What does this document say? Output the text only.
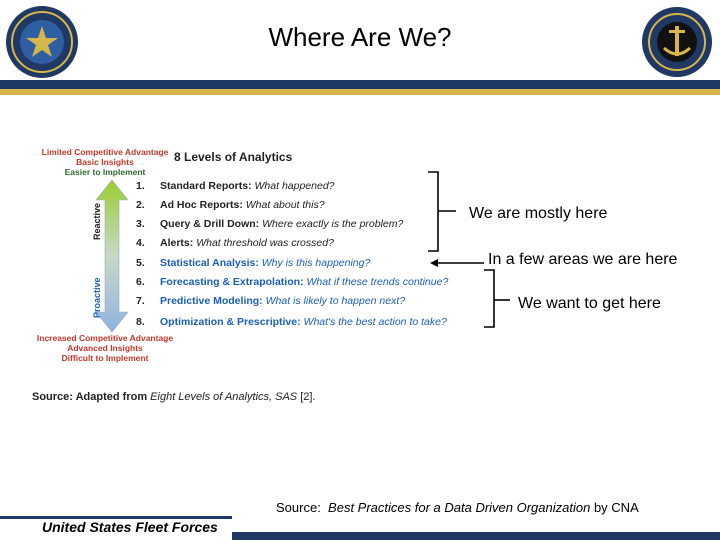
Where Are We?
Limited Competitive Advantage
Basic Insights
Easier to Implement
8 Levels of Analytics
Reactive
Proactive
1. Standard Reports: What happened?
2. Ad Hoc Reports: What about this?
3. Query & Drill Down: Where exactly is the problem?
4. Alerts: What threshold was crossed?
5. Statistical Analysis: Why is this happening?
6. Forecasting & Extrapolation: What if these trends continue?
7. Predictive Modeling: What is likely to happen next?
8. Optimization & Prescriptive: What's the best action to take?
Increased Competitive Advantage
Advanced Insights
Difficult to Implement
Source: Adapted from Eight Levels of Analytics, SAS [2].
We are mostly here
In a few areas we are here
We want to get here
Source: Best Practices for a Data Driven Organization by CNA
United States Fleet Forces
